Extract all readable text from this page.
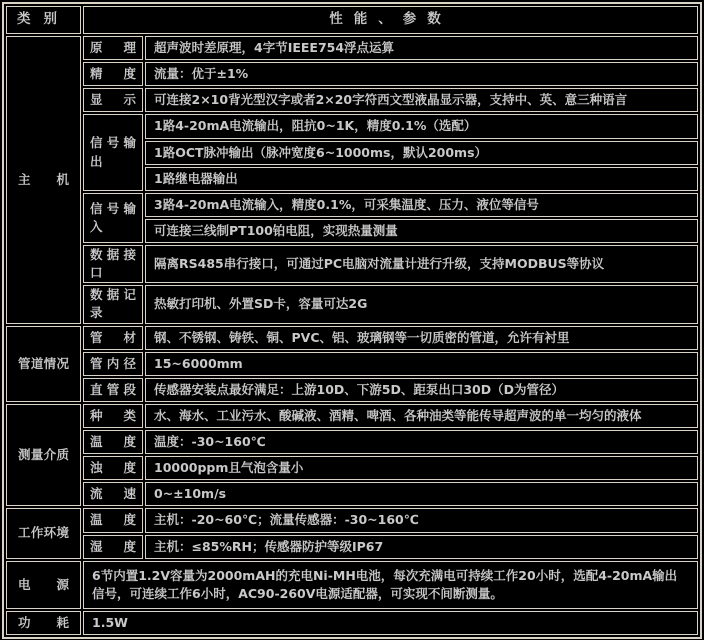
类别	性能、参数	
主机	原理	超声波时差原理，4字节IEEE754浮点运算
	精度	流量：优于±1%
	显示	可连接2×10背光型汉字或者2×20字符西文型液晶显示器，支持中、英、意三种语言
	信号输出	1路4-20mA电流输出，阻抗0~1K，精度0.1%（选配）
		1路OCT脉冲输出（脉冲宽度6~1000ms，默认200ms）
		1路继电器输出
	信号输入	3路4-20mA电流输入，精度0.1%，可采集温度、压力、液位等信号
		可连接三线制PT100铂电阻，实现热量测量
	数据接口	隔离RS485串行接口，可通过PC电脑对流量计进行升级，支持MODBUS等协议
	数据记录	热敏打印机、外置SD卡，容量可达2G
管道情况	管材	钢、不锈钢、铸铁、铜、PVC、铝、玻璃钢等一切质密的管道，允许有衬里
	管内径	15~6000mm
	直管段	传感器安装点最好满足：上游10D、下游5D、距泵出口30D（D为管径）
测量介质	种类	水、海水、工业污水、酸碱液、酒精、啤酒、各种油类等能传导超声波的单一均匀的液体
	温度	温度：-30~160℃
	浊度	10000ppm且气泡含量小
	流速	0~±10m/s
工作环境	温度	主机：-20~60℃；流量传感器：-30~160℃
	湿度	主机：≤85%RH；传感器防护等级IP67
电源	6节内置1.2V容量为2000mAH的充电Ni-MH电池，每次充满电可持续工作20小时，选配4-20mA输出信号，可连续工作6小时，AC90-260V电源适配器，可实现不间断测量。	
功耗	1.5W	
